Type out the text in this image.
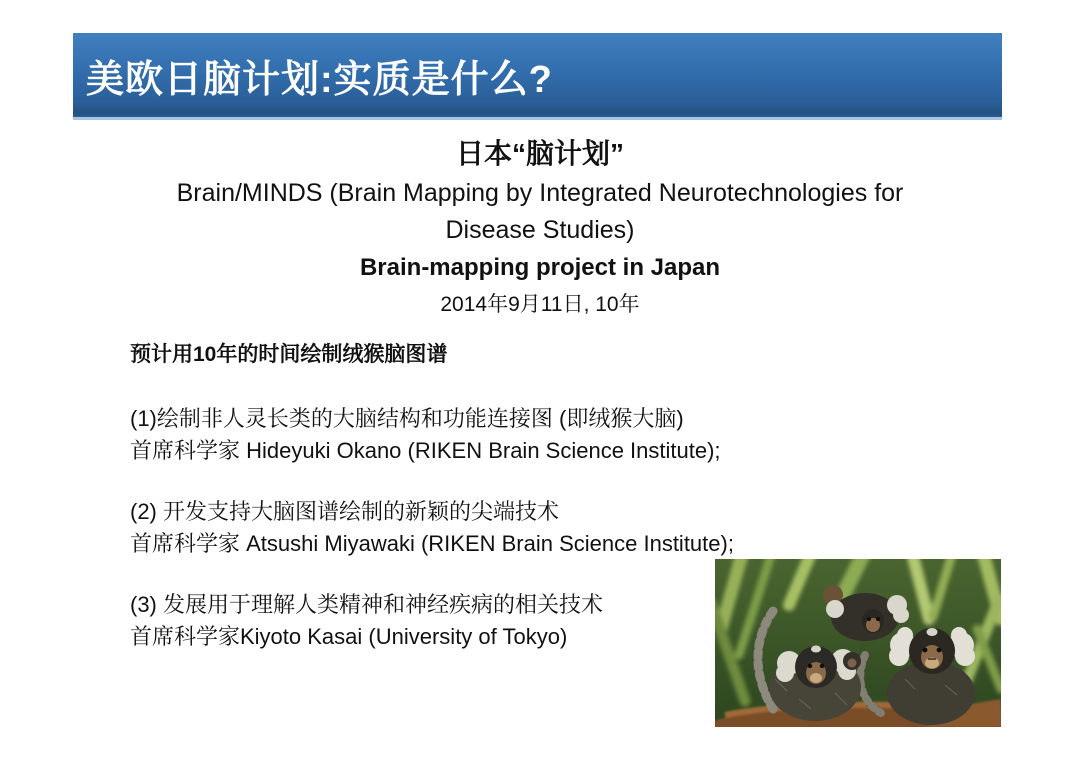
美欧日脑计划:实质是什么?
日本“脑计划”
Brain/MINDS (Brain Mapping by Integrated Neurotechnologies for
Disease Studies)
Brain-mapping project in Japan
2014年9月11日, 10年
预计用10年的时间绘制绒猴脑图谱
(1)绘制非人灵长类的大脑结构和功能连接图 (即绒猴大脑)
首席科学家 Hideyuki Okano (RIKEN Brain Science Institute);
(2) 开发支持大脑图谱绘制的新颖的尖端技术
首席科学家 Atsushi Miyawaki (RIKEN Brain Science Institute);
(3) 发展用于理解人类精神和神经疾病的相关技术
首席科学家Kiyoto Kasai (University of Tokyo)
